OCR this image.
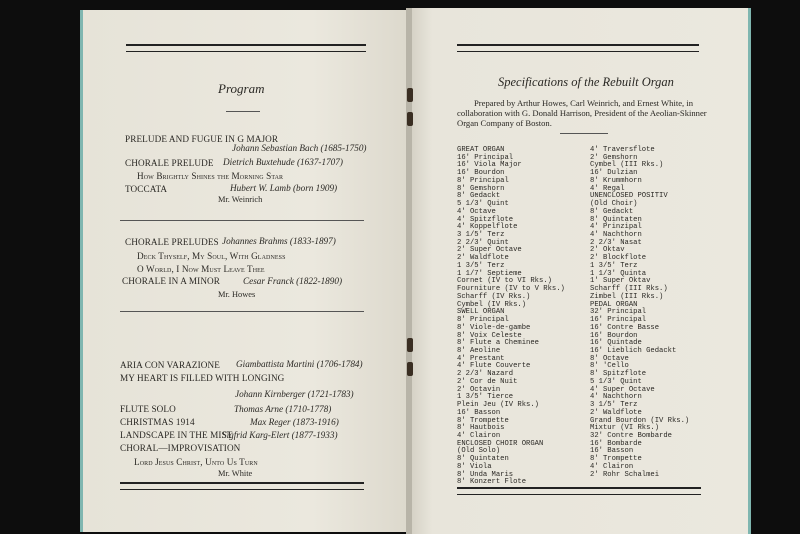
Program
PRELUDE AND FUGUE IN G MAJOR
Johann Sebastian Bach (1685-1750)
CHORALE PRELUDE Dietrich Buxtehude (1637-1707)
How Brightly Shines the Morning Star
TOCCATA	Hubert W. Lamb (born 1909)
Mr. Weinrich
CHORALE PRELUDES Johannes Brahms (1833-1897)
Deck Thyself, My Soul, With Gladness
O World, I Now Must Leave Thee
CHORALE IN A MINOR Cesar Franck (1822-1890)
Mr. Howes
ARIA CON VARAZIONE Giambattista Martini (1706-1784)
MY HEART IS FILLED WITH LONGING
Johann Kirnberger (1721-1783)
FLUTE SOLO	Thomas Arne (1710-1778)
CHRISTMAS 1914	Max Reger (1873-1916)
LANDSCAPE IN THE MIST
Sigfrid Karg-Elert (1877-1933)
CHORAL—IMPROVISATION
Lord Jesus Christ, Unto Us Turn
Mr. White
Specifications of the Rebuilt Organ
Prepared by Arthur Howes, Carl Weinrich, and Ernest White, in
collaboration with G. Donald Harrison, President of the Aeolian-Skinner
Organ Company of Boston.
GREAT ORGAN
16' Principal
16' Viola Major
16' Bourdon
8' Principal
8' Gemshorn
8' Gedackt
5 1/3' Quint
4' Octave
4' Spitzflote
4' Koppelflote
3 1/5' Terz
2 2/3' Quint
2' Super Octave
2' Waldflote
1 3/5' Terz
1 1/7' Septieme
Cornet (IV to VI Rks.)
Fourniture (IV to V Rks.)
Scharff (IV Rks.)
Cymbel (IV Rks.)
SWELL ORGAN
8' Principal
8' Viole-de-gambe
8' Voix Celeste
8' Flute a Cheminee
8' Aeoline
4' Prestant
4' Flute Couverte
2 2/3' Nazard
2' Cor de Nuit
2' Octavin
1 3/5' Tierce
Plein Jeu (IV Rks.)
16' Basson
8' Trompette
8' Hautbois
4' Clairon
ENCLOSED CHOIR ORGAN
(Old Solo)
8' Quintaten
8' Viola
8' Unda Maris
8' Konzert Flote
4' Traversflote
2' Gemshorn
Cymbel (III Rks.)
16' Dulzian
8' Krummhorn
4' Regal
UNENCLOSED POSITIV
(Old Choir)
8' Gedackt
8' Quintaten
4' Prinzipal
4' Nachthorn
2 2/3' Nasat
2' Oktav
2' Blockflote
1 3/5' Terz
1 1/3' Quinta
1' Super Oktav
Scharff (III Rks.)
Zimbel (III Rks.)
PEDAL ORGAN
32' Principal
16' Principal
16' Contre Basse
16' Bourdon
16' Quintade
16' Lieblich Gedackt
8' Octave
8' 'Cello
8' Spitzflote
5 1/3' Quint
4' Super Octave
4' Nachthorn
3 1/5' Terz
2' Waldflote
Grand Bourdon (IV Rks.)
Mixtur (VI Rks.)
32' Contre Bombarde
16' Bombarde
16' Basson
8' Trompette
4' Clairon
2' Rohr Schalmei
